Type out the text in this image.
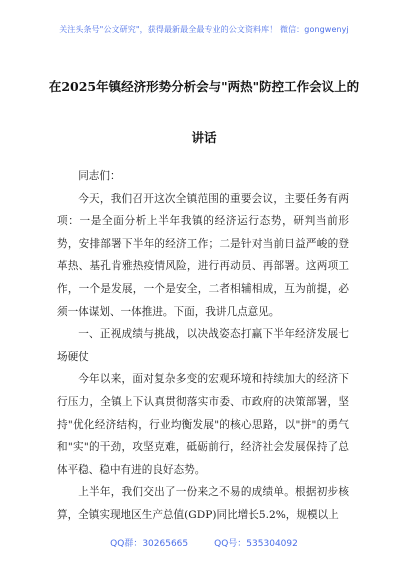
关注头条号"公文研究"，获得最新最全最专业的公文资料库！ 微信：gongwenyj
在2025年镇经济形势分析会与"两热"防控工作会议上的
讲话

同志们：

今天，我们召开这次全镇范围的重要会议，主要任务有两项：一是全面分析上半年我镇的经济运行态势，研判当前形势，安排部署下半年的经济工作；二是针对当前日益严峻的登革热、基孔肯雅热疫情风险，进行再动员、再部署。这两项工作，一个是发展，一个是安全，二者相辅相成，互为前提，必须一体谋划、一体推进。下面，我讲几点意见。

一、正视成绩与挑战，以决战姿态打赢下半年经济发展七场硬仗

今年以来，面对复杂多变的宏观环境和持续加大的经济下行压力，全镇上下认真贯彻落实市委、市政府的决策部署，坚持"优化经济结构，行业均衡发展"的核心思路，以"拼"的勇气和"实"的干劲，攻坚克难，砥砺前行，经济社会发展保持了总体平稳、稳中有进的良好态势。

上半年，我们交出了一份来之不易的成绩单。根据初步核算，全镇实现地区生产总值(GDP)同比增长5.2%，规模以上

QQ群：30265665	QQ号：535304092
